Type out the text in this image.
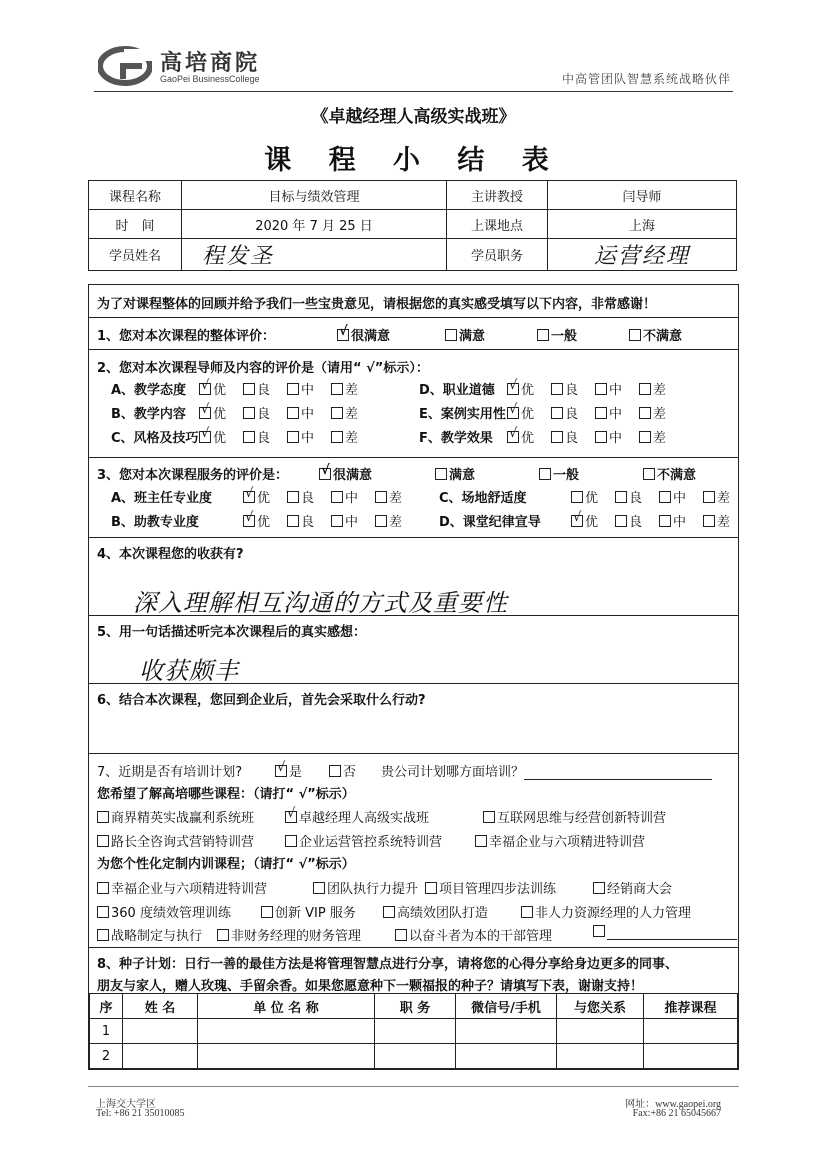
高培商院
GaoPei BusinessCollege	中高管团队智慧系统战略伙伴
《卓越经理人高级实战班》
课 程 小 结 表
课程名称	目标与绩效管理	主讲教授	闫导师
时　间	2020 年 7 月 25 日	上课地点	上海
学员姓名	程发圣	学员职务	运营经理
为了对课程整体的回顾并给予我们一些宝贵意见，请根据您的真实感受填写以下内容，非常感谢！
1、您对本次课程的整体评价： √	很满意	满意	一般	不满意
2、您对本次课程导师及内容的评价是（请用“ √”标示）：
A、教学态度 √	优	良	中	差
B、教学内容 √	优	良	中	差
C、风格及技巧 √	优	良	中	差
D、职业道德 √	优	良	中	差
E、案例实用性 √	优	良	中	差
F、教学效果 √	优	良	中	差
3、您对本次课程服务的评价是： √	很满意	满意	一般	不满意
A、班主任专业度 √	优	良	中	差
B、助教专业度 √	优	良	中	差
C、场地舒适度	优	良	中	差
D、课堂纪律宣导 √	优	良	中	差
4、本次课程您的收获有?
深入理解相互沟通的方式及重要性
5、用一句话描述听完本次课程后的真实感想：
收获颇丰
6、结合本次课程，您回到企业后，首先会采取什么行动?
7、近期是否有培训计划? √	是	否 贵公司计划哪方面培训？
您希望了解高培哪些课程：（请打“ √”标示）
商界精英实战赢利系统班 √	卓越经理人高级实战班	互联网思维与经营创新特训营
路长全咨询式营销特训营	企业运营管控系统特训营	幸福企业与六项精进特训营
为您个性化定制内训课程；（请打“ √”标示）
幸福企业与六项精进特训营	团队执行力提升	项目管理四步法训练	经销商大会
360 度绩效管理训练	创新 VIP 服务	高绩效团队打造	非人力资源经理的人力管理
战略制定与执行	非财务经理的财务管理	以奋斗者为本的干部管理
8、种子计划：日行一善的最佳方法是将管理智慧点进行分享，请将您的心得分享给身边更多的同事、
朋友与家人，赠人玫瑰、手留余香。如果您愿意种下一颗福报的种子？请填写下表，谢谢支持！
序	姓 名	单 位 名 称	职 务	微信号/手机	与您关系	推荐课程
1						
2						
上海交大学区
Tel: +86 21 35010085
网址：www.gaopei.org
Fax:+86 21 65045667
